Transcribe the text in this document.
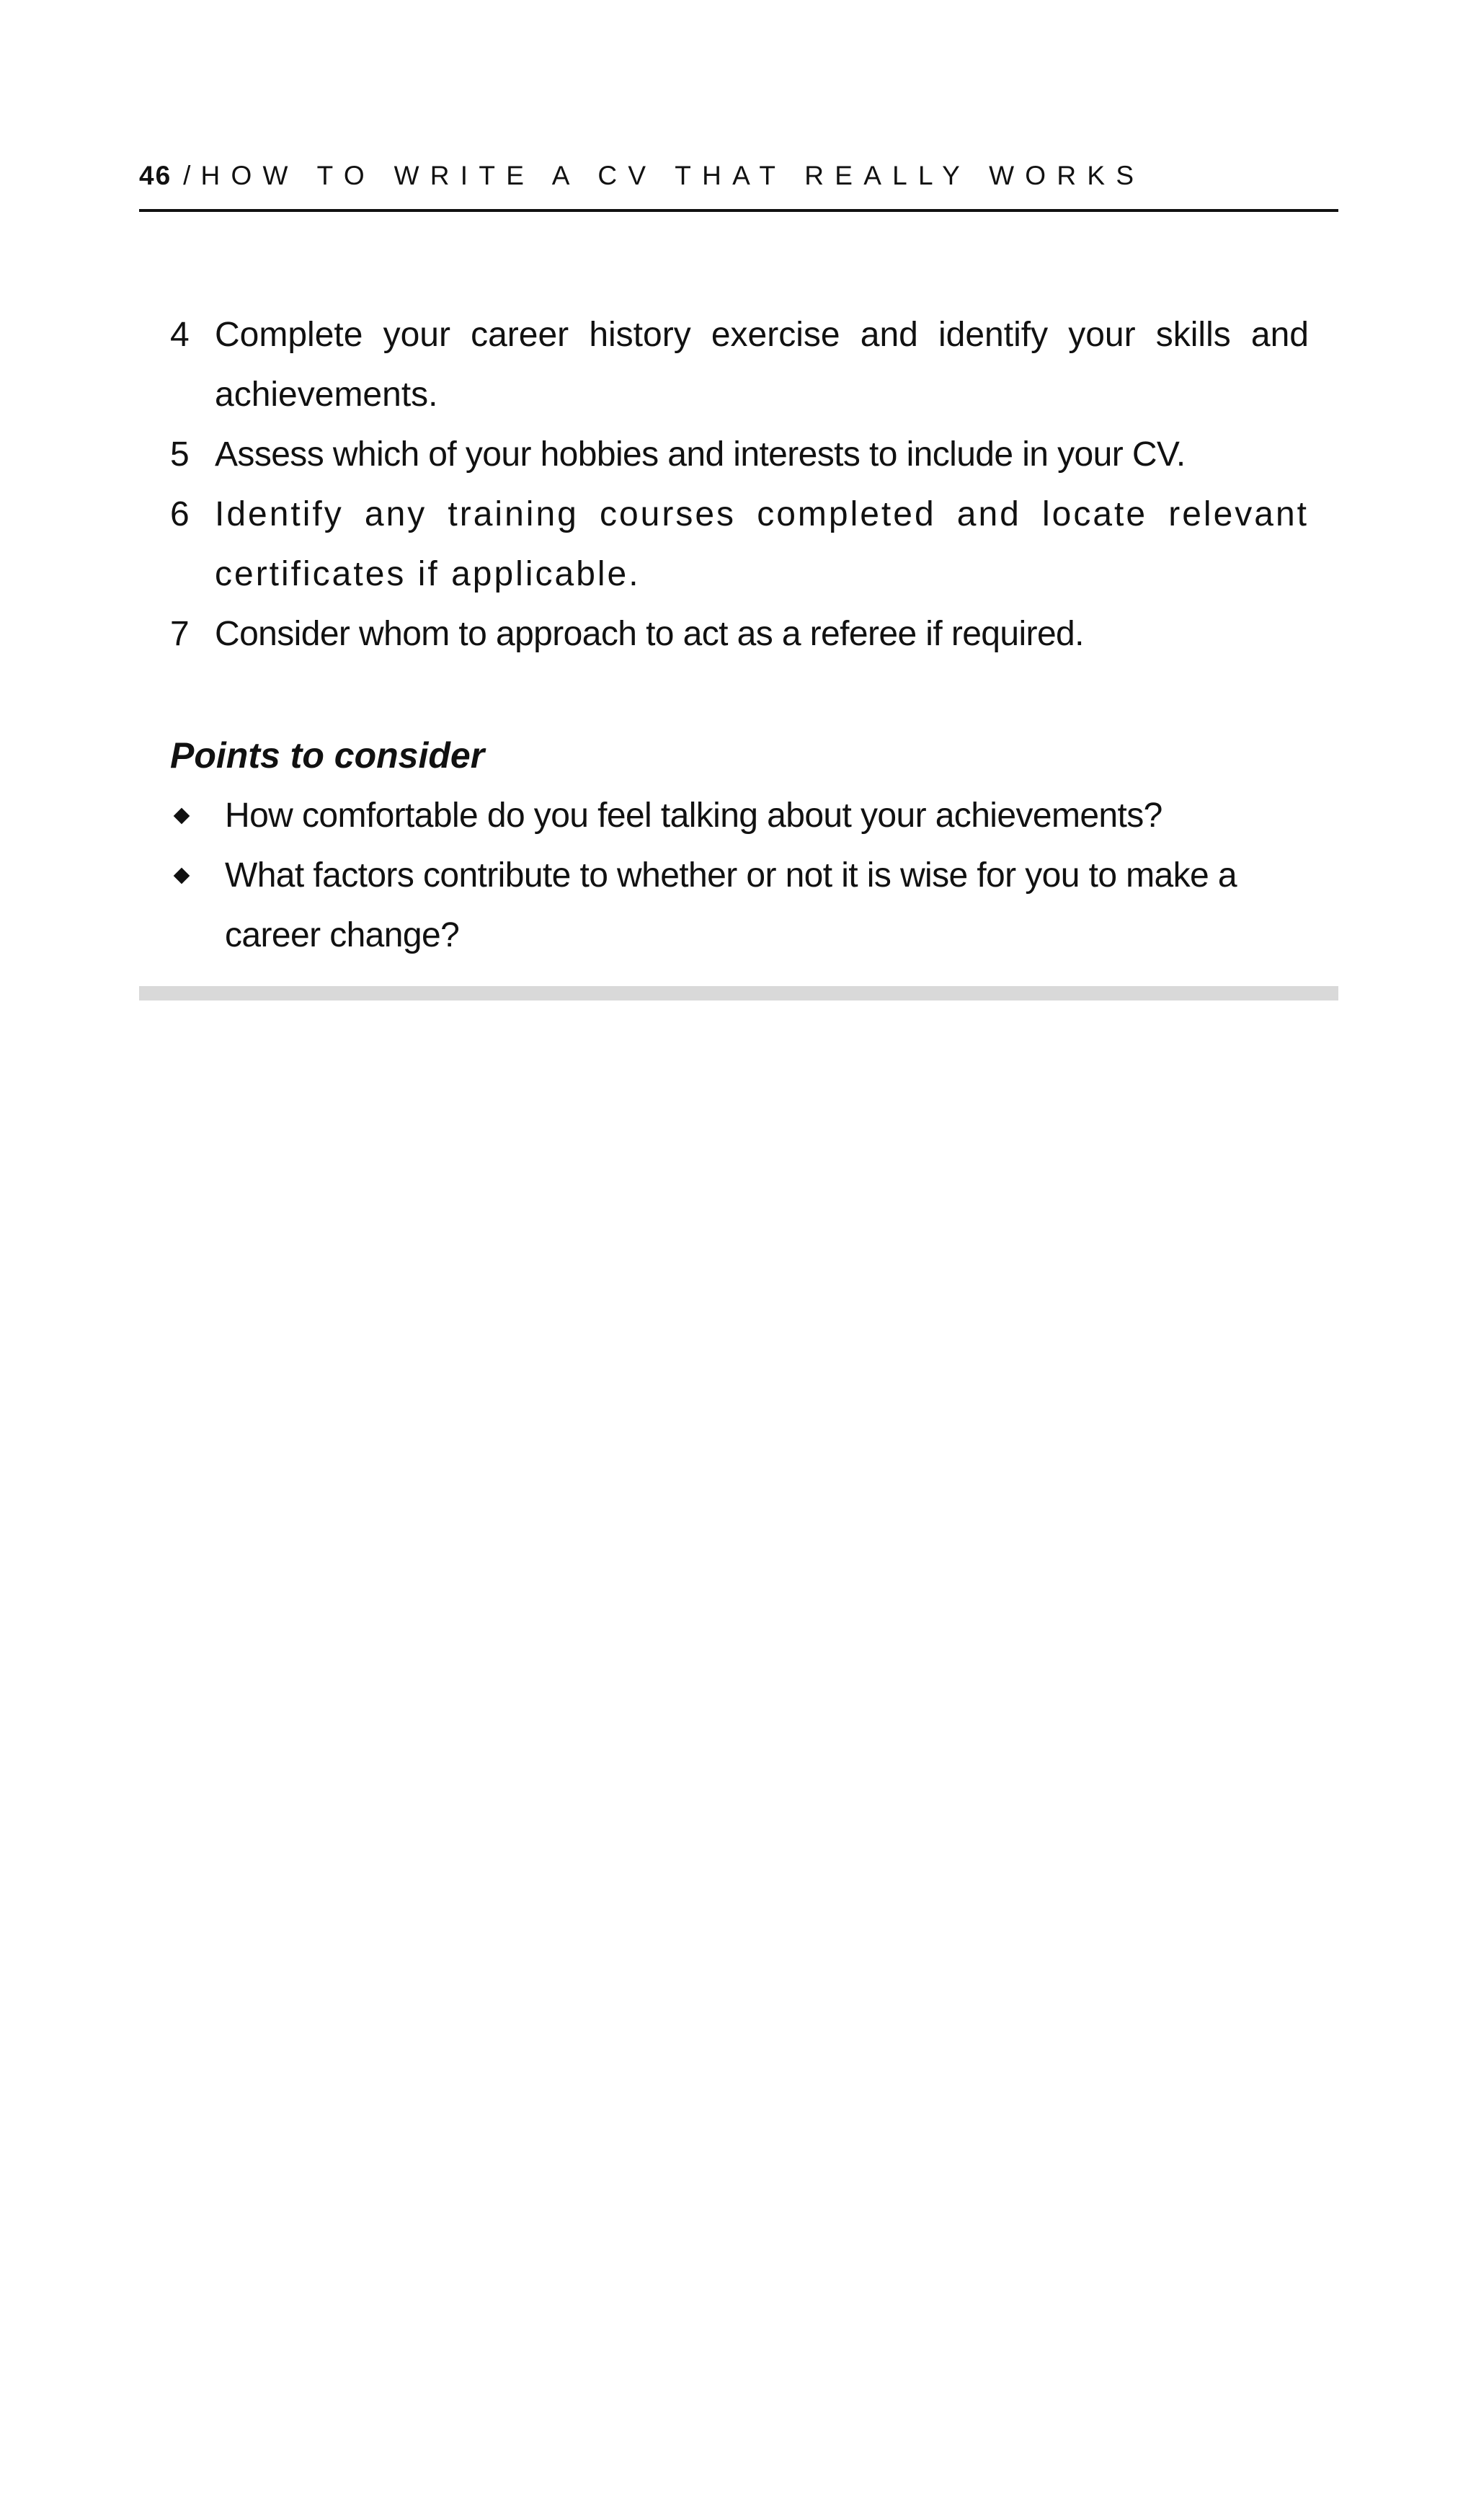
46 / HOW TO WRITE A CV THAT REALLY WORKS
4 Complete your career history exercise and identify your skills and achievements.
5 Assess which of your hobbies and interests to include in your CV.
6 Identify any training courses completed and locate relevant certificates if applicable.
7 Consider whom to approach to act as a referee if required.
Points to consider
How comfortable do you feel talking about your achievements?
What factors contribute to whether or not it is wise for you to make a career change?
